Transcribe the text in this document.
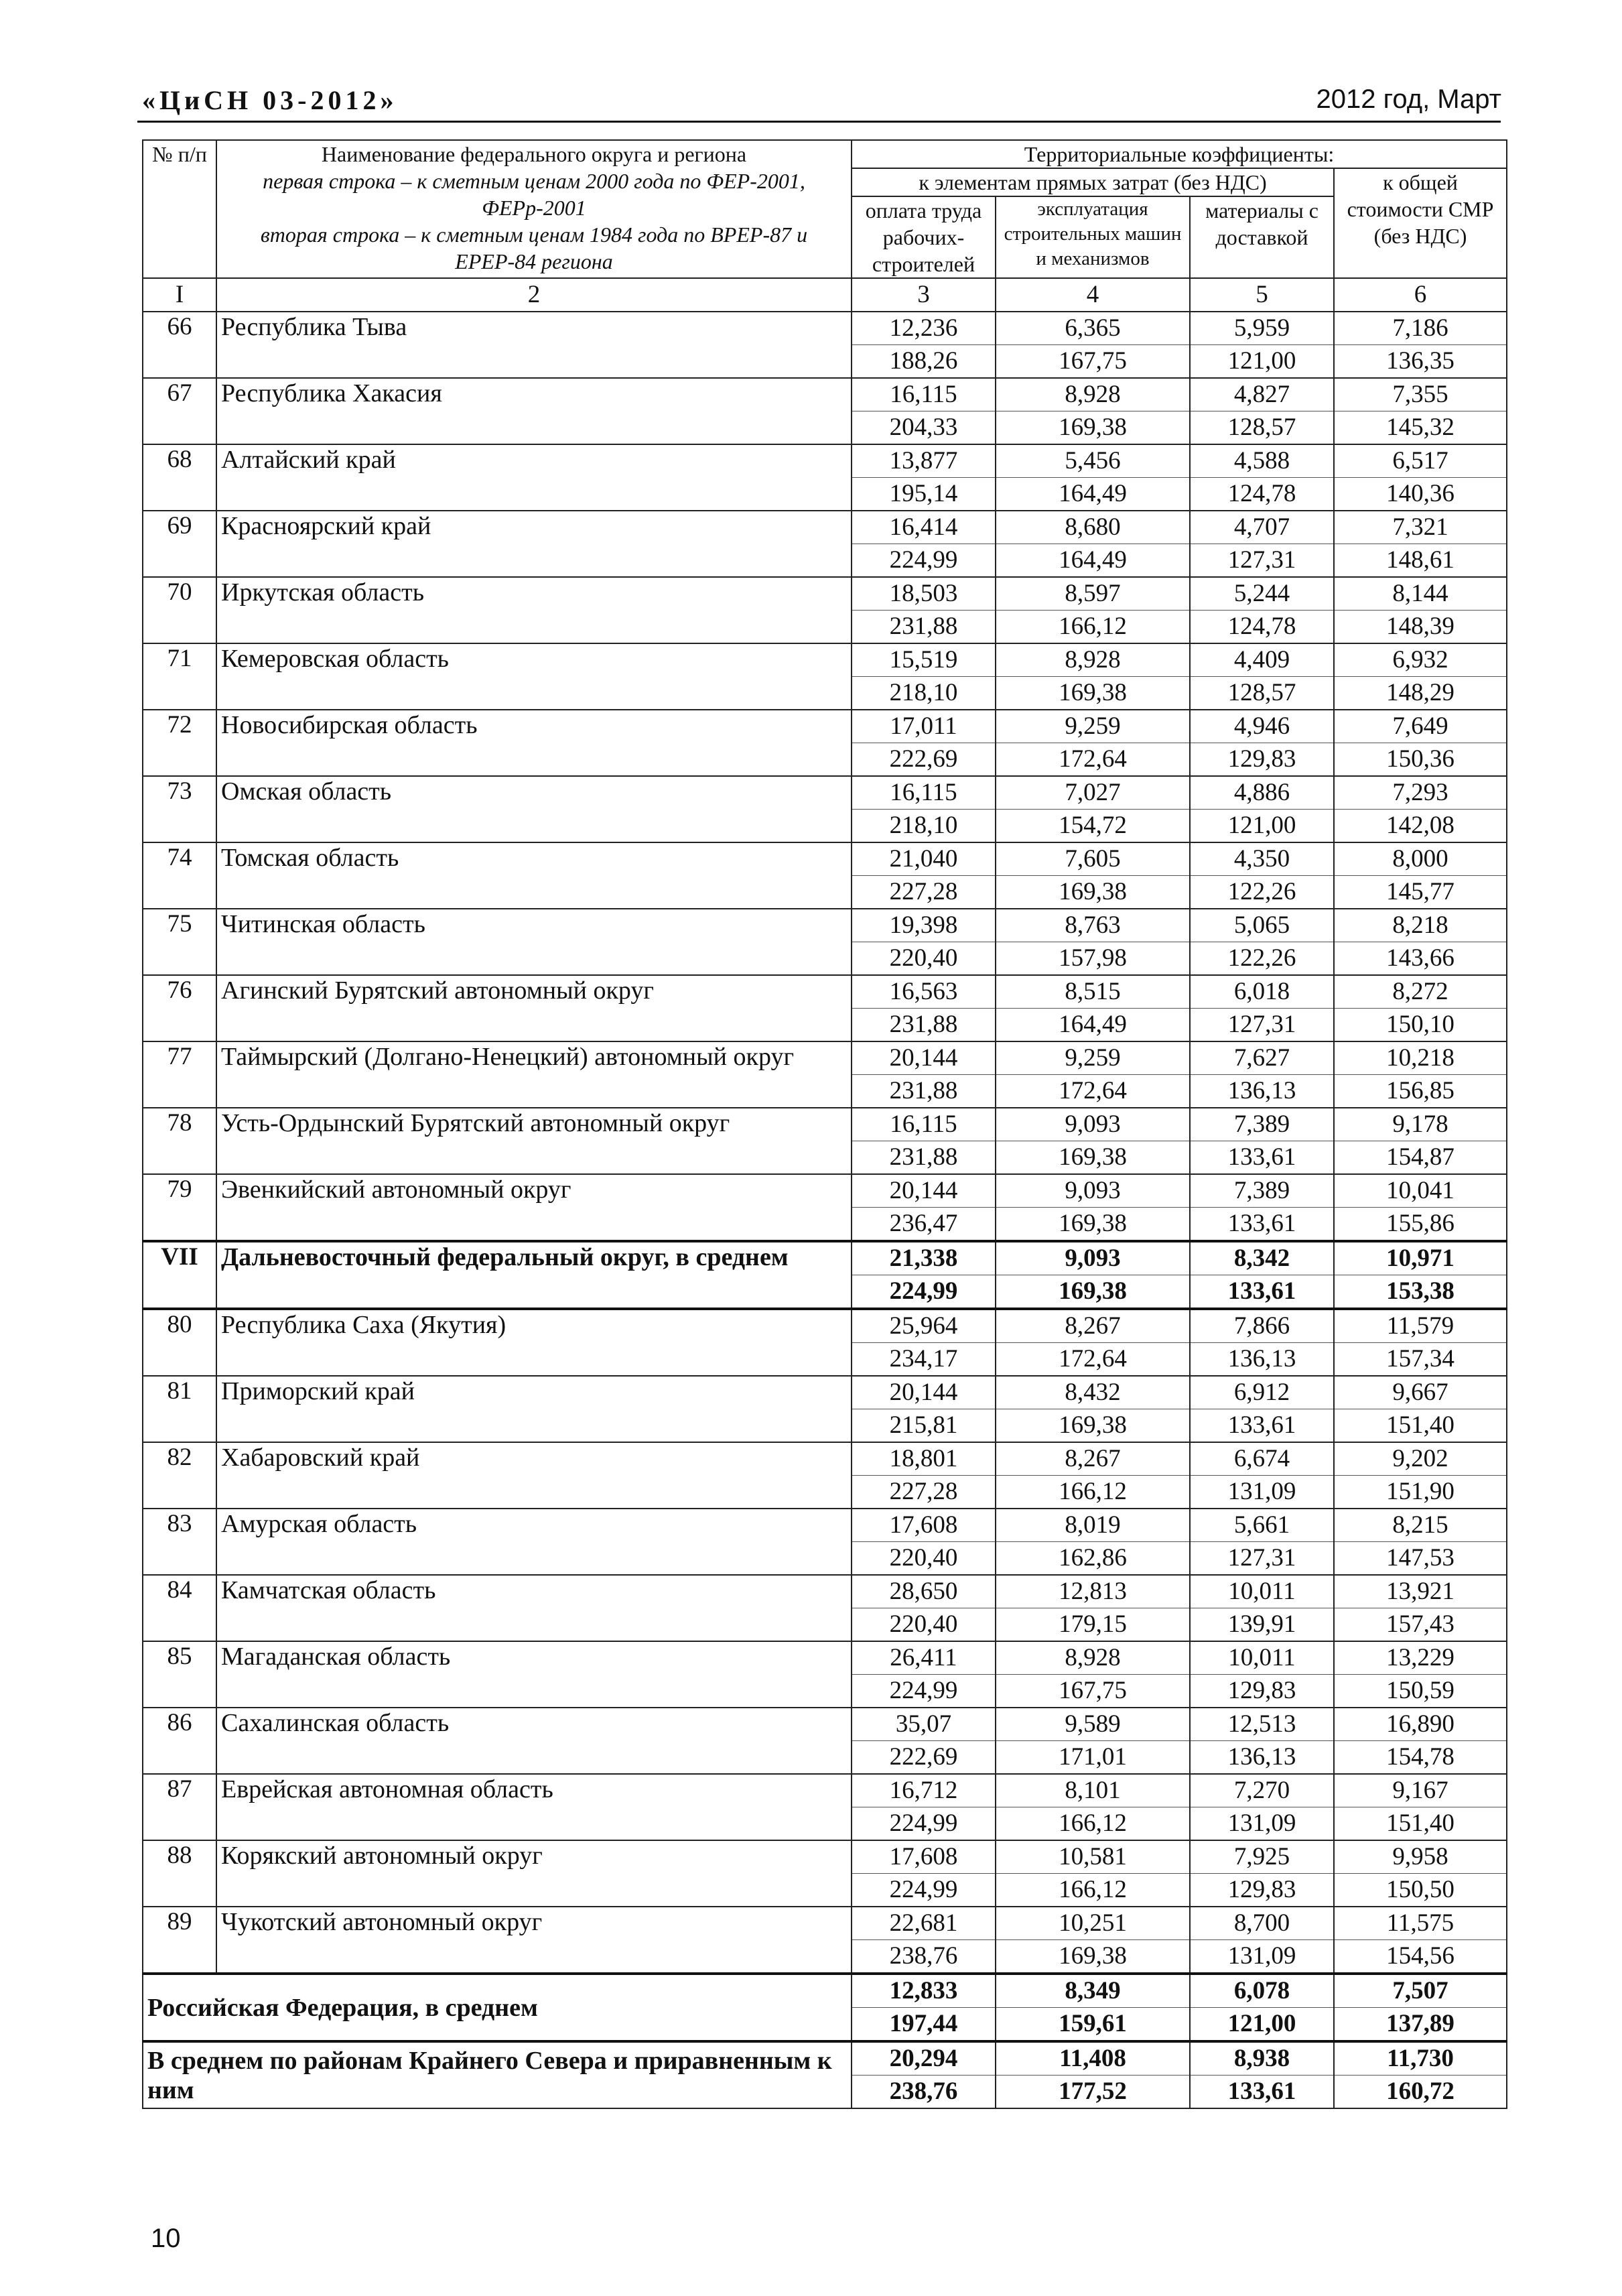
«ЦиСН 03-2012»	2012 год, Март
№ п/п	Наименование федерального округа и региона
первая строка – к сметным ценам 2000 года по ФЕР-2001, ФЕРр-2001
вторая строка – к сметным ценам 1984 года по ВРЕР-87 и ЕРЕР-84 региона	Территориальные коэффициенты:			
		к элементам прямых затрат (без НДС)			к общей стоимости СМР (без НДС)
		оплата труда рабочих-строителей	эксплуатация строительных машин и механизмов	материалы с доставкой	
I	2	3	4	5	6
66	Республика Тыва	12,236	6,365	5,959	7,186
		188,26	167,75	121,00	136,35
67	Республика Хакасия	16,115	8,928	4,827	7,355
		204,33	169,38	128,57	145,32
68	Алтайский край	13,877	5,456	4,588	6,517
		195,14	164,49	124,78	140,36
69	Красноярский край	16,414	8,680	4,707	7,321
		224,99	164,49	127,31	148,61
70	Иркутская область	18,503	8,597	5,244	8,144
		231,88	166,12	124,78	148,39
71	Кемеровская область	15,519	8,928	4,409	6,932
		218,10	169,38	128,57	148,29
72	Новосибирская область	17,011	9,259	4,946	7,649
		222,69	172,64	129,83	150,36
73	Омская область	16,115	7,027	4,886	7,293
		218,10	154,72	121,00	142,08
74	Томская область	21,040	7,605	4,350	8,000
		227,28	169,38	122,26	145,77
75	Читинская область	19,398	8,763	5,065	8,218
		220,40	157,98	122,26	143,66
76	Агинский Бурятский автономный округ	16,563	8,515	6,018	8,272
		231,88	164,49	127,31	150,10
77	Таймырский (Долгано-Ненецкий) автономный округ	20,144	9,259	7,627	10,218
		231,88	172,64	136,13	156,85
78	Усть-Ордынский Бурятский автономный округ	16,115	9,093	7,389	9,178
		231,88	169,38	133,61	154,87
79	Эвенкийский автономный округ	20,144	9,093	7,389	10,041
		236,47	169,38	133,61	155,86
VII	Дальневосточный федеральный округ, в среднем	21,338	9,093	8,342	10,971
		224,99	169,38	133,61	153,38
80	Республика Саха (Якутия)	25,964	8,267	7,866	11,579
		234,17	172,64	136,13	157,34
81	Приморский край	20,144	8,432	6,912	9,667
		215,81	169,38	133,61	151,40
82	Хабаровский край	18,801	8,267	6,674	9,202
		227,28	166,12	131,09	151,90
83	Амурская область	17,608	8,019	5,661	8,215
		220,40	162,86	127,31	147,53
84	Камчатская область	28,650	12,813	10,011	13,921
		220,40	179,15	139,91	157,43
85	Магаданская область	26,411	8,928	10,011	13,229
		224,99	167,75	129,83	150,59
86	Сахалинская область	35,07	9,589	12,513	16,890
		222,69	171,01	136,13	154,78
87	Еврейская автономная область	16,712	8,101	7,270	9,167
		224,99	166,12	131,09	151,40
88	Корякский автономный округ	17,608	10,581	7,925	9,958
		224,99	166,12	129,83	150,50
89	Чукотский автономный округ	22,681	10,251	8,700	11,575
		238,76	169,38	131,09	154,56
Российская Федерация, в среднем		12,833	8,349	6,078	7,507
		197,44	159,61	121,00	137,89
В среднем по районам Крайнего Севера и приравненным к ним		20,294	11,408	8,938	11,730
		238,76	177,52	133,61	160,72
10
